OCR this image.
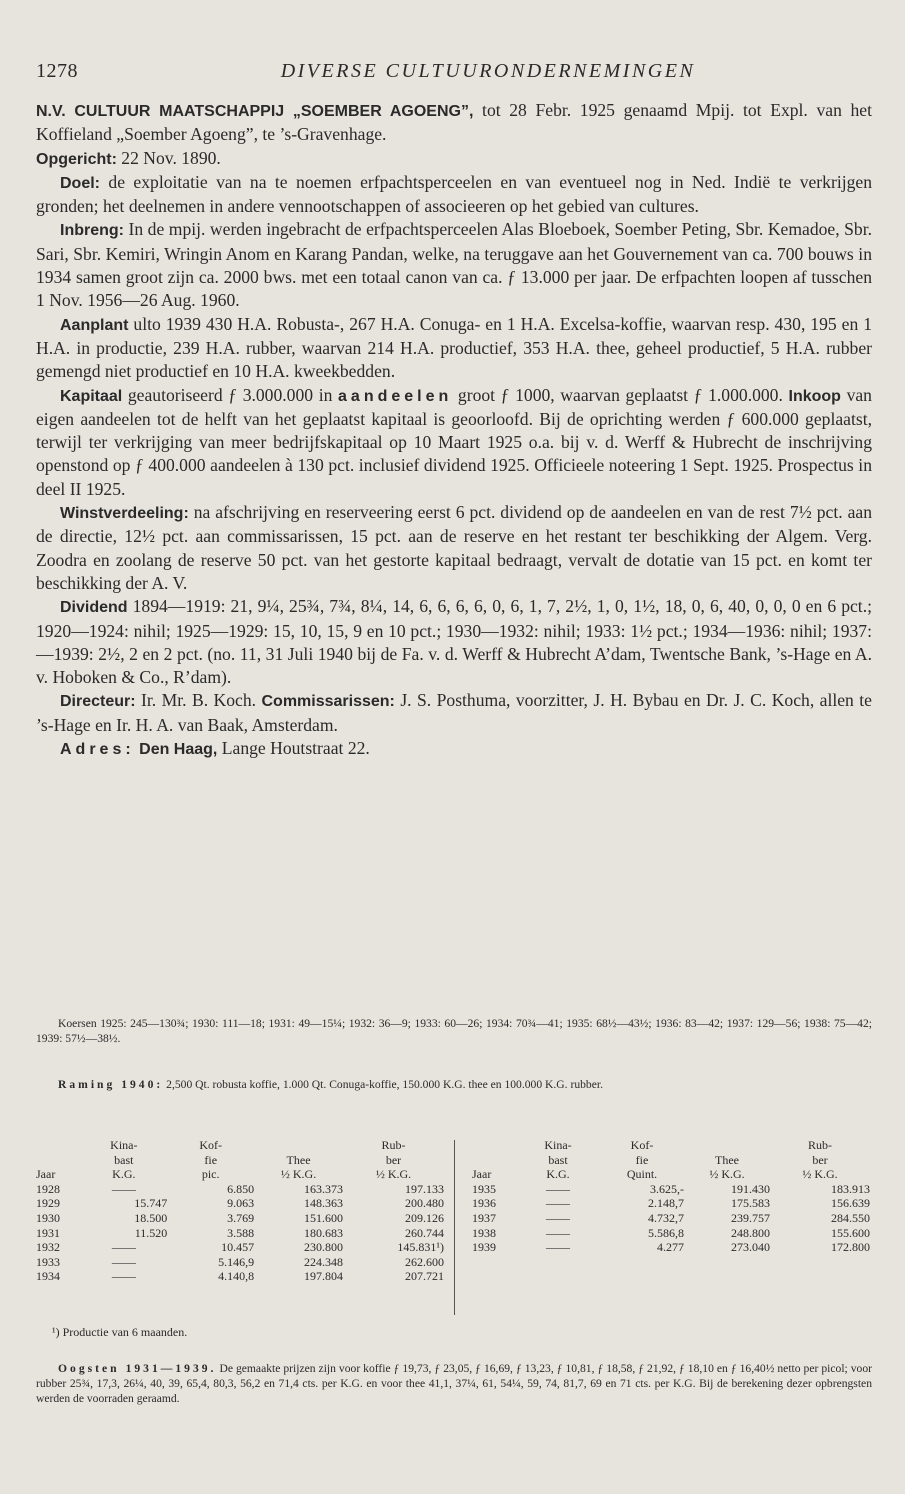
1278	DIVERSE CULTUURONDERNEMINGEN

N.V. CULTUUR MAATSCHAPPIJ „SOEMBER AGOENG”, tot 28 Febr. 1925 genaamd Mpij. tot Expl. van het Koffieland „Soember Agoeng”, te ’s-Gravenhage.

Opgericht: 22 Nov. 1890.

Doel: de exploitatie van na te noemen erfpachtsperceelen en van eventueel nog in Ned. Indië te verkrijgen gronden; het deelnemen in andere vennootschappen of associeeren op het gebied van cultures.

Inbreng: In de mpij. werden ingebracht de erfpachtsperceelen Alas Bloeboek, Soember Peting, Sbr. Kemadoe, Sbr. Sari, Sbr. Kemiri, Wringin Anom en Karang Pandan, welke, na teruggave aan het Gouvernement van ca. 700 bouws in 1934 samen groot zijn ca. 2000 bws. met een totaal canon van ca. ƒ 13.000 per jaar. De erfpachten loopen af tusschen 1 Nov. 1956—26 Aug. 1960.

Aanplant ulto 1939 430 H.A. Robusta-, 267 H.A. Conuga- en 1 H.A. Excelsa-koffie, waarvan resp. 430, 195 en 1 H.A. in productie, 239 H.A. rubber, waarvan 214 H.A. productief, 353 H.A. thee, geheel productief, 5 H.A. rubber gemengd niet productief en 10 H.A. kweekbedden.

Kapitaal geautoriseerd ƒ 3.000.000 in aandeelen groot ƒ 1000, waarvan geplaatst ƒ 1.000.000. Inkoop van eigen aandeelen tot de helft van het geplaatst kapitaal is geoorloofd. Bij de oprichting werden ƒ 600.000 geplaatst, terwijl ter verkrijging van meer bedrijfskapitaal op 10 Maart 1925 o.a. bij v. d. Werff & Hubrecht de inschrijving openstond op ƒ 400.000 aandeelen à 130 pct. inclusief dividend 1925. Officieele noteering 1 Sept. 1925. Prospectus in deel II 1925.

Winstverdeeling: na afschrijving en reserveering eerst 6 pct. dividend op de aandeelen en van de rest 7½ pct. aan de directie, 12½ pct. aan commissarissen, 15 pct. aan de reserve en het restant ter beschikking der Algem. Verg. Zoodra en zoolang de reserve 50 pct. van het gestorte kapitaal bedraagt, vervalt de dotatie van 15 pct. en komt ter beschikking der A. V.

Dividend 1894—1919: 21, 9¼, 25¾, 7¾, 8¼, 14, 6, 6, 6, 6, 0, 6, 1, 7, 2½, 1, 0, 1½, 18, 0, 6, 40, 0, 0, 0 en 6 pct.; 1920—1924: nihil; 1925—1929: 15, 10, 15, 9 en 10 pct.; 1930—1932: nihil; 1933: 1½ pct.; 1934—1936: nihil; 1937: —1939: 2½, 2 en 2 pct. (no. 11, 31 Juli 1940 bij de Fa. v. d. Werff & Hubrecht A’dam, Twentsche Bank, ’s-Hage en A. v. Hoboken & Co., R’dam).

Directeur: Ir. Mr. B. Koch. Commissarissen: J. S. Posthuma, voorzitter, J. H. Bybau en Dr. J. C. Koch, allen te ’s-Hage en Ir. H. A. van Baak, Amsterdam.

Adres: Den Haag, Lange Houtstraat 22.

Koersen 1925: 245—130¾; 1930: 111—18; 1931: 49—15¼; 1932: 36—9; 1933: 60—26; 1934: 70¾—41; 1935: 68½—43½; 1936: 83—42; 1937: 129—56; 1938: 75—42; 1939: 57½—38½.
Raming 1940: 2,500 Qt. robusta koffie, 1.000 Qt. Conuga-koffie, 150.000 K.G. thee en 100.000 K.G. rubber.
	Kina-	Kof-		Rub-
	bast	fie	Thee	ber
Jaar	K.G.	pic.	½ K.G.	½ K.G.
1928	——	6.850	163.373	197.133
1929	15.747	9.063	148.363	200.480
1930	18.500	3.769	151.600	209.126
1931	11.520	3.588	180.683	260.744
1932	——	10.457	230.800	145.831¹)
1933	——	5.146,9	224.348	262.600
1934	——	4.140,8	197.804	207.721
	Kina-	Kof-		Rub-
	bast	fie	Thee	ber
Jaar	K.G.	Quint.	½ K.G.	½ K.G.
1935	——	3.625,-	191.430	183.913
1936	——	2.148,7	175.583	156.639
1937	——	4.732,7	239.757	284.550
1938	——	5.586,8	248.800	155.600
1939	——	4.277	273.040	172.800
¹) Productie van 6 maanden.
Oogsten 1931—1939. De gemaakte prijzen zijn voor koffie ƒ 19,73, ƒ 23,05, ƒ 16,69, ƒ 13,23, ƒ 10,81, ƒ 18,58, ƒ 21,92, ƒ 18,10 en ƒ 16,40½ netto per picol; voor rubber 25¾, 17,3, 26¼, 40, 39, 65,4, 80,3, 56,2 en 71,4 cts. per K.G. en voor thee 41,1, 37¼, 61, 54¼, 59, 74, 81,7, 69 en 71 cts. per K.G. Bij de berekening dezer opbrengsten werden de voorraden geraamd.
